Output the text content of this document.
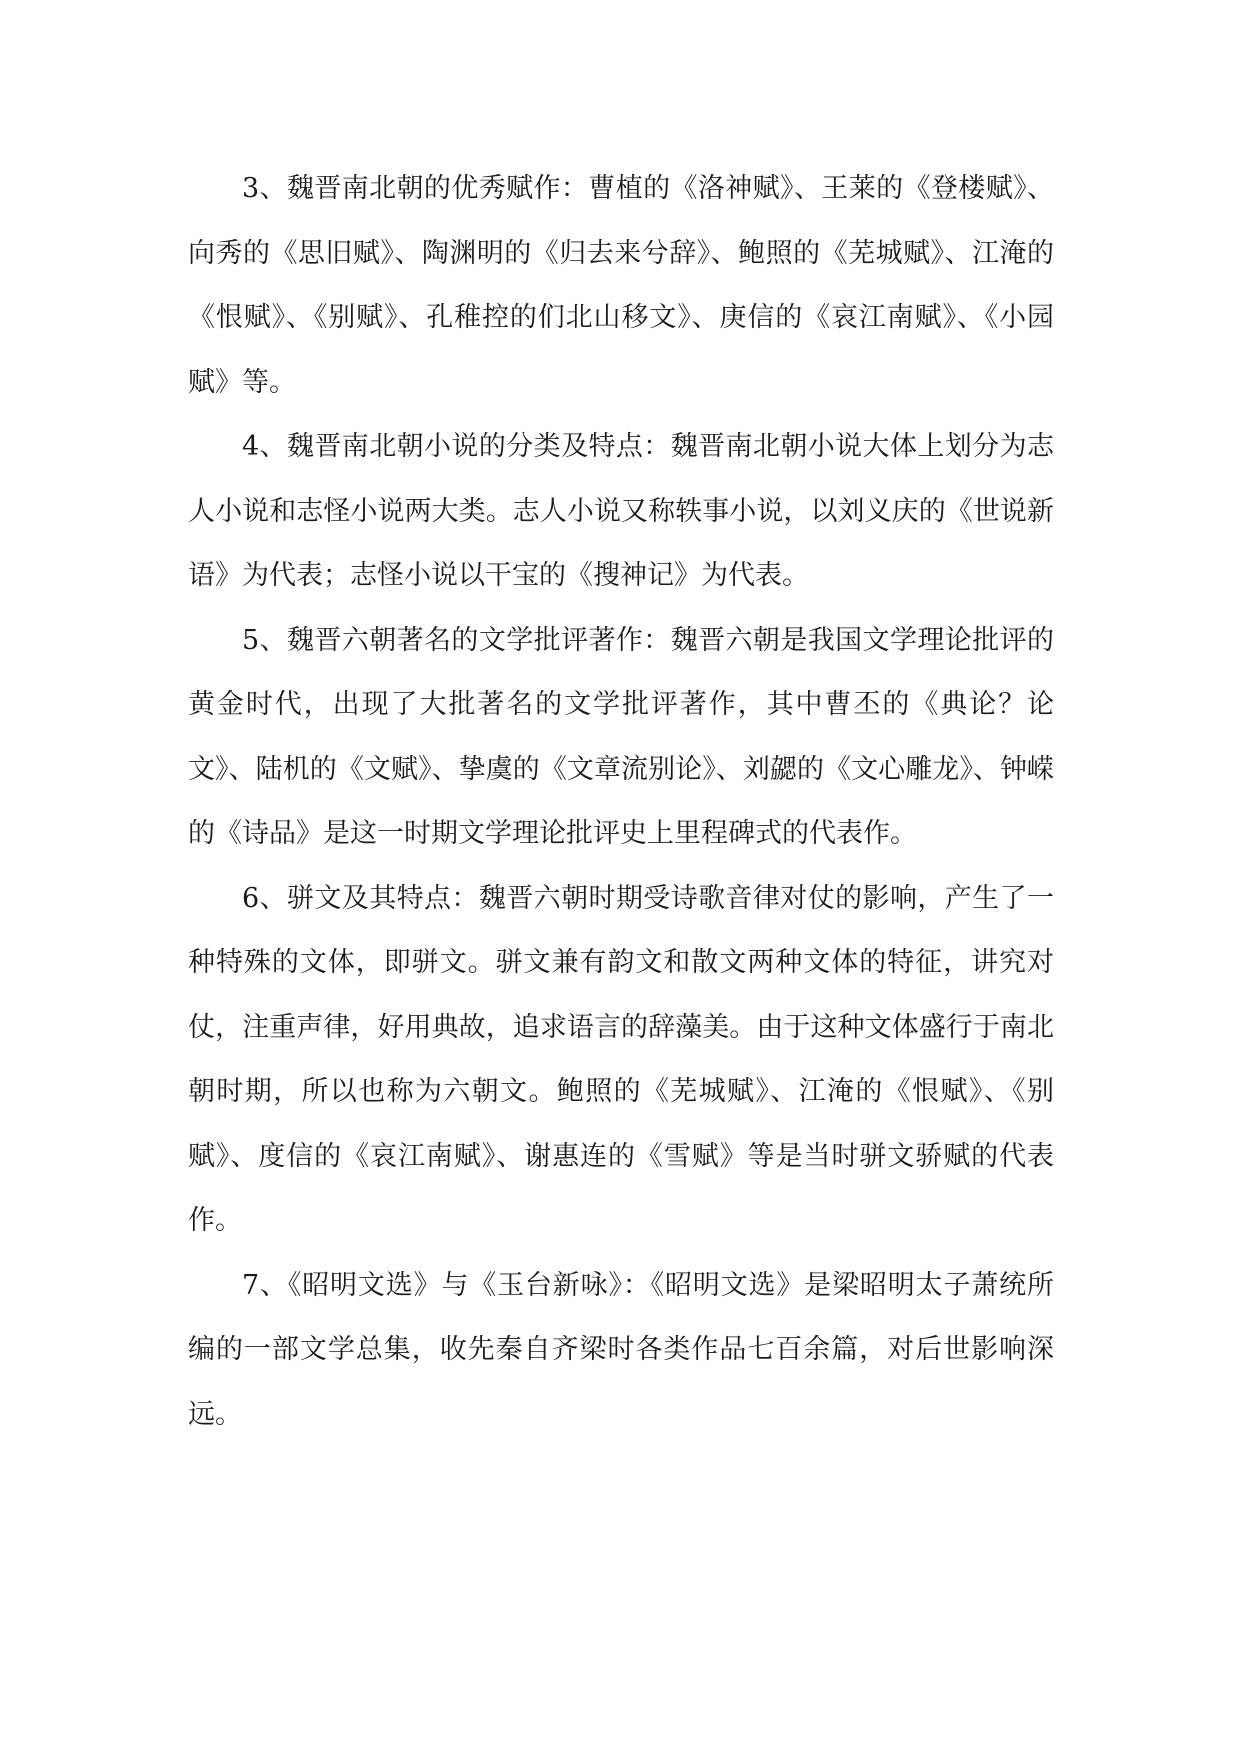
3、魏晋南北朝的优秀赋作：曹植的《洛神赋》、王莱的《登楼赋》、向秀的《思旧赋》、陶渊明的《归去来兮辞》、鲍照的《芜城赋》、江淹的《恨赋》、《别赋》、孔稚控的们北山移文》、庚信的《哀江南赋》、《小园赋》等。

4、魏晋南北朝小说的分类及特点：魏晋南北朝小说大体上划分为志人小说和志怪小说两大类。志人小说又称轶事小说，以刘义庆的《世说新语》为代表；志怪小说以干宝的《搜神记》为代表。

5、魏晋六朝著名的文学批评著作：魏晋六朝是我国文学理论批评的黄金时代，出现了大批著名的文学批评著作，其中曹丕的《典论？论文》、陆机的《文赋》、挚虞的《文章流别论》、刘勰的《文心雕龙》、钟嵘的《诗品》是这一时期文学理论批评史上里程碑式的代表作。

6、骈文及其特点：魏晋六朝时期受诗歌音律对仗的影响，产生了一种特殊的文体，即骈文。骈文兼有韵文和散文两种文体的特征，讲究对仗，注重声律，好用典故，追求语言的辞藻美。由于这种文体盛行于南北朝时期，所以也称为六朝文。鲍照的《芜城赋》、江淹的《恨赋》、《别赋》、度信的《哀江南赋》、谢惠连的《雪赋》等是当时骈文骄赋的代表作。

7、《昭明文选》与《玉台新咏》：《昭明文选》是梁昭明太子萧统所编的一部文学总集，收先秦自齐梁时各类作品七百余篇，对后世影响深远。
